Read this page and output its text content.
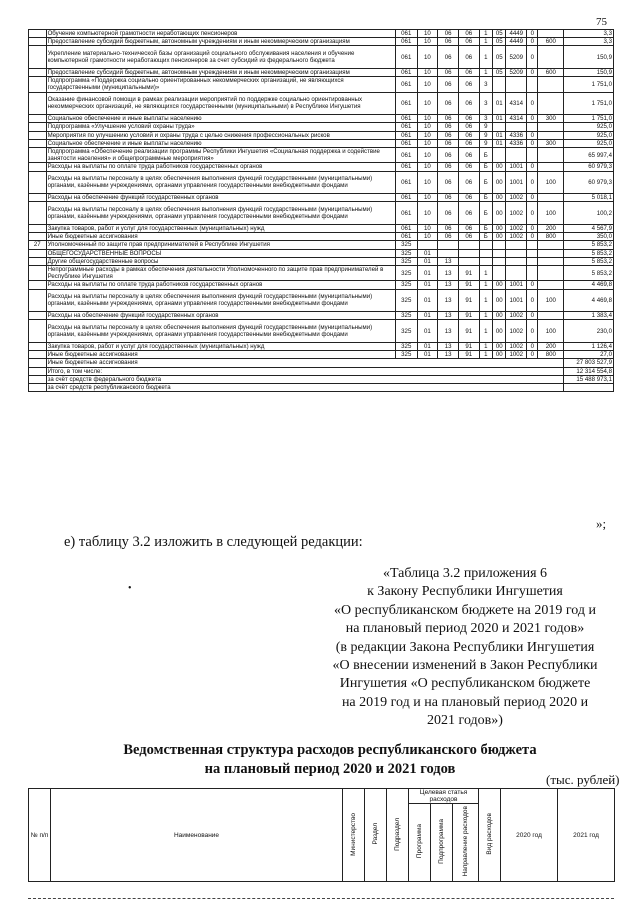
75
	Обучение компьютерной грамотности неработающих пенсионеров	061	10	06	06	1	05	4449	0		3,3
	Предоставление субсидий бюджетным, автономным учреждениям и иным некоммерческим организациям	061	10	06	06	1	05	4449	0	600	3,3
	Укрепление материально-технической базы организаций социального обслуживания населения и обучение компьютерной грамотности неработающих пенсионеров за счет субсидий из федерального бюджета	061	10	06	06	1	05	5209	0		150,9
	Предоставление субсидий бюджетным, автономным учреждениям и иным некоммерческим организациям	061	10	06	06	1	05	5209	0	600	150,9
	Подпрограмма «Поддержка социально ориентированных некоммерческих организаций, не являющихся государственными (муниципальными)»	061	10	06	06	3					1 751,0
	Оказание финансовой помощи в рамках реализации мероприятий по поддержке социально ориентированных некоммерческих организаций, не являющихся государственными (муниципальными) в Республике Ингушетия	061	10	06	06	3	01	4314	0		1 751,0
	Социальное обеспечение и иные выплаты населению	061	10	06	06	3	01	4314	0	300	1 751,0
	Подпрограмма «Улучшение условий охраны труда»	061	10	06	06	9					925,0
	Мероприятия по улучшению условий и охраны труда с целью снижения профессиональных рисков	061	10	06	06	9	01	4336	0		925,0
	Социальное обеспечение и иные выплаты населению	061	10	06	06	9	01	4336	0	300	925,0
	Подпрограмма «Обеспечение реализации программы Республики Ингушетия «Социальная поддержка и содействие занятости населения» и общепрограммные мероприятия»	061	10	06	06	Б					65 997,4
	Расходы на выплаты по оплате труда работников государственных органов	061	10	06	06	Б	00	1001	0		60 979,3
	Расходы на выплаты персоналу в целях обеспечения выполнения функций государственными (муниципальными) органами, казёнными учреждениями, органами управления государственными внебюджетными фондами	061	10	06	06	Б	00	1001	0	100	60 979,3
	Расходы на обеспечение функций государственных органов	061	10	06	06	Б	00	1002	0		5 018,1
	Расходы на выплаты персоналу в целях обеспечения выполнения функций государственными (муниципальными) органами, казёнными учреждениями, органами управления государственными внебюджетными фондами	061	10	06	06	Б	00	1002	0	100	100,2
	Закупка товаров, работ и услуг для государственных (муниципальных) нужд	061	10	06	06	Б	00	1002	0	200	4 567,9
	Иные бюджетные ассигнования	061	10	06	06	Б	00	1002	0	800	350,0
27	Уполномоченный по защите прав предпринимателей в Республике Ингушетия	325									5 853,2
	ОБЩЕГОСУДАРСТВЕННЫЕ ВОПРОСЫ	325	01								5 853,2
	Другие общегосударственные вопросы	325	01	13							5 853,2
	Непрограммные расходы в рамках обеспечения деятельности Уполномоченного по защите прав предпринимателей в Республике Ингушетия	325	01	13	91	1					5 853,2
	Расходы на выплаты по оплате труда работников государственных органов	325	01	13	91	1	00	1001	0		4 469,8
	Расходы на выплаты персоналу в целях обеспечения выполнения функций государственными (муниципальными) органами, казёнными учреждениями, органами управления государственными внебюджетными фондами	325	01	13	91	1	00	1001	0	100	4 469,8
	Расходы на обеспечение функций государственных органов	325	01	13	91	1	00	1002	0		1 383,4
	Расходы на выплаты персоналу в целях обеспечения выполнения функций государственными (муниципальными) органами, казёнными учреждениями, органами управления государственными внебюджетными фондами	325	01	13	91	1	00	1002	0	100	230,0
	Закупка товаров, работ и услуг для государственных (муниципальных) нужд	325	01	13	91	1	00	1002	0	200	1 126,4
	Иные бюджетные ассигнования	325	01	13	91	1	00	1002	0	800	27,0
	Иные бюджетные ассигнования										27 803 527,9
	Итого, в том числе:										12 314 554,8
	за счёт средств федерального бюджета										15 488 973,1
	за счёт средств республиканского бюджета										
»;
е) таблицу 3.2 изложить в следующей редакции:
•
«Таблица 3.2 приложения 6
к Закону Республики Ингушетия
«О республиканском бюджете на 2019 год и
на плановый период 2020 и 2021 годов»
(в редакции Закона Республики Ингушетия
«О внесении изменений в Закон Республики
Ингушетия «О республиканском бюджете
на 2019 год и на плановый период 2020 и
2021 годов»)
Ведомственная структура расходов республиканского бюджета
на плановый период 2020 и 2021 годов
(тыс. рублей)
№ п/п	Наименование	Министерство	Раздел	Подраздел	Целевая статья расходов			Вид расходов	2020 год	2021 год
					Программа	Подпрограмма	Направление расходов			
